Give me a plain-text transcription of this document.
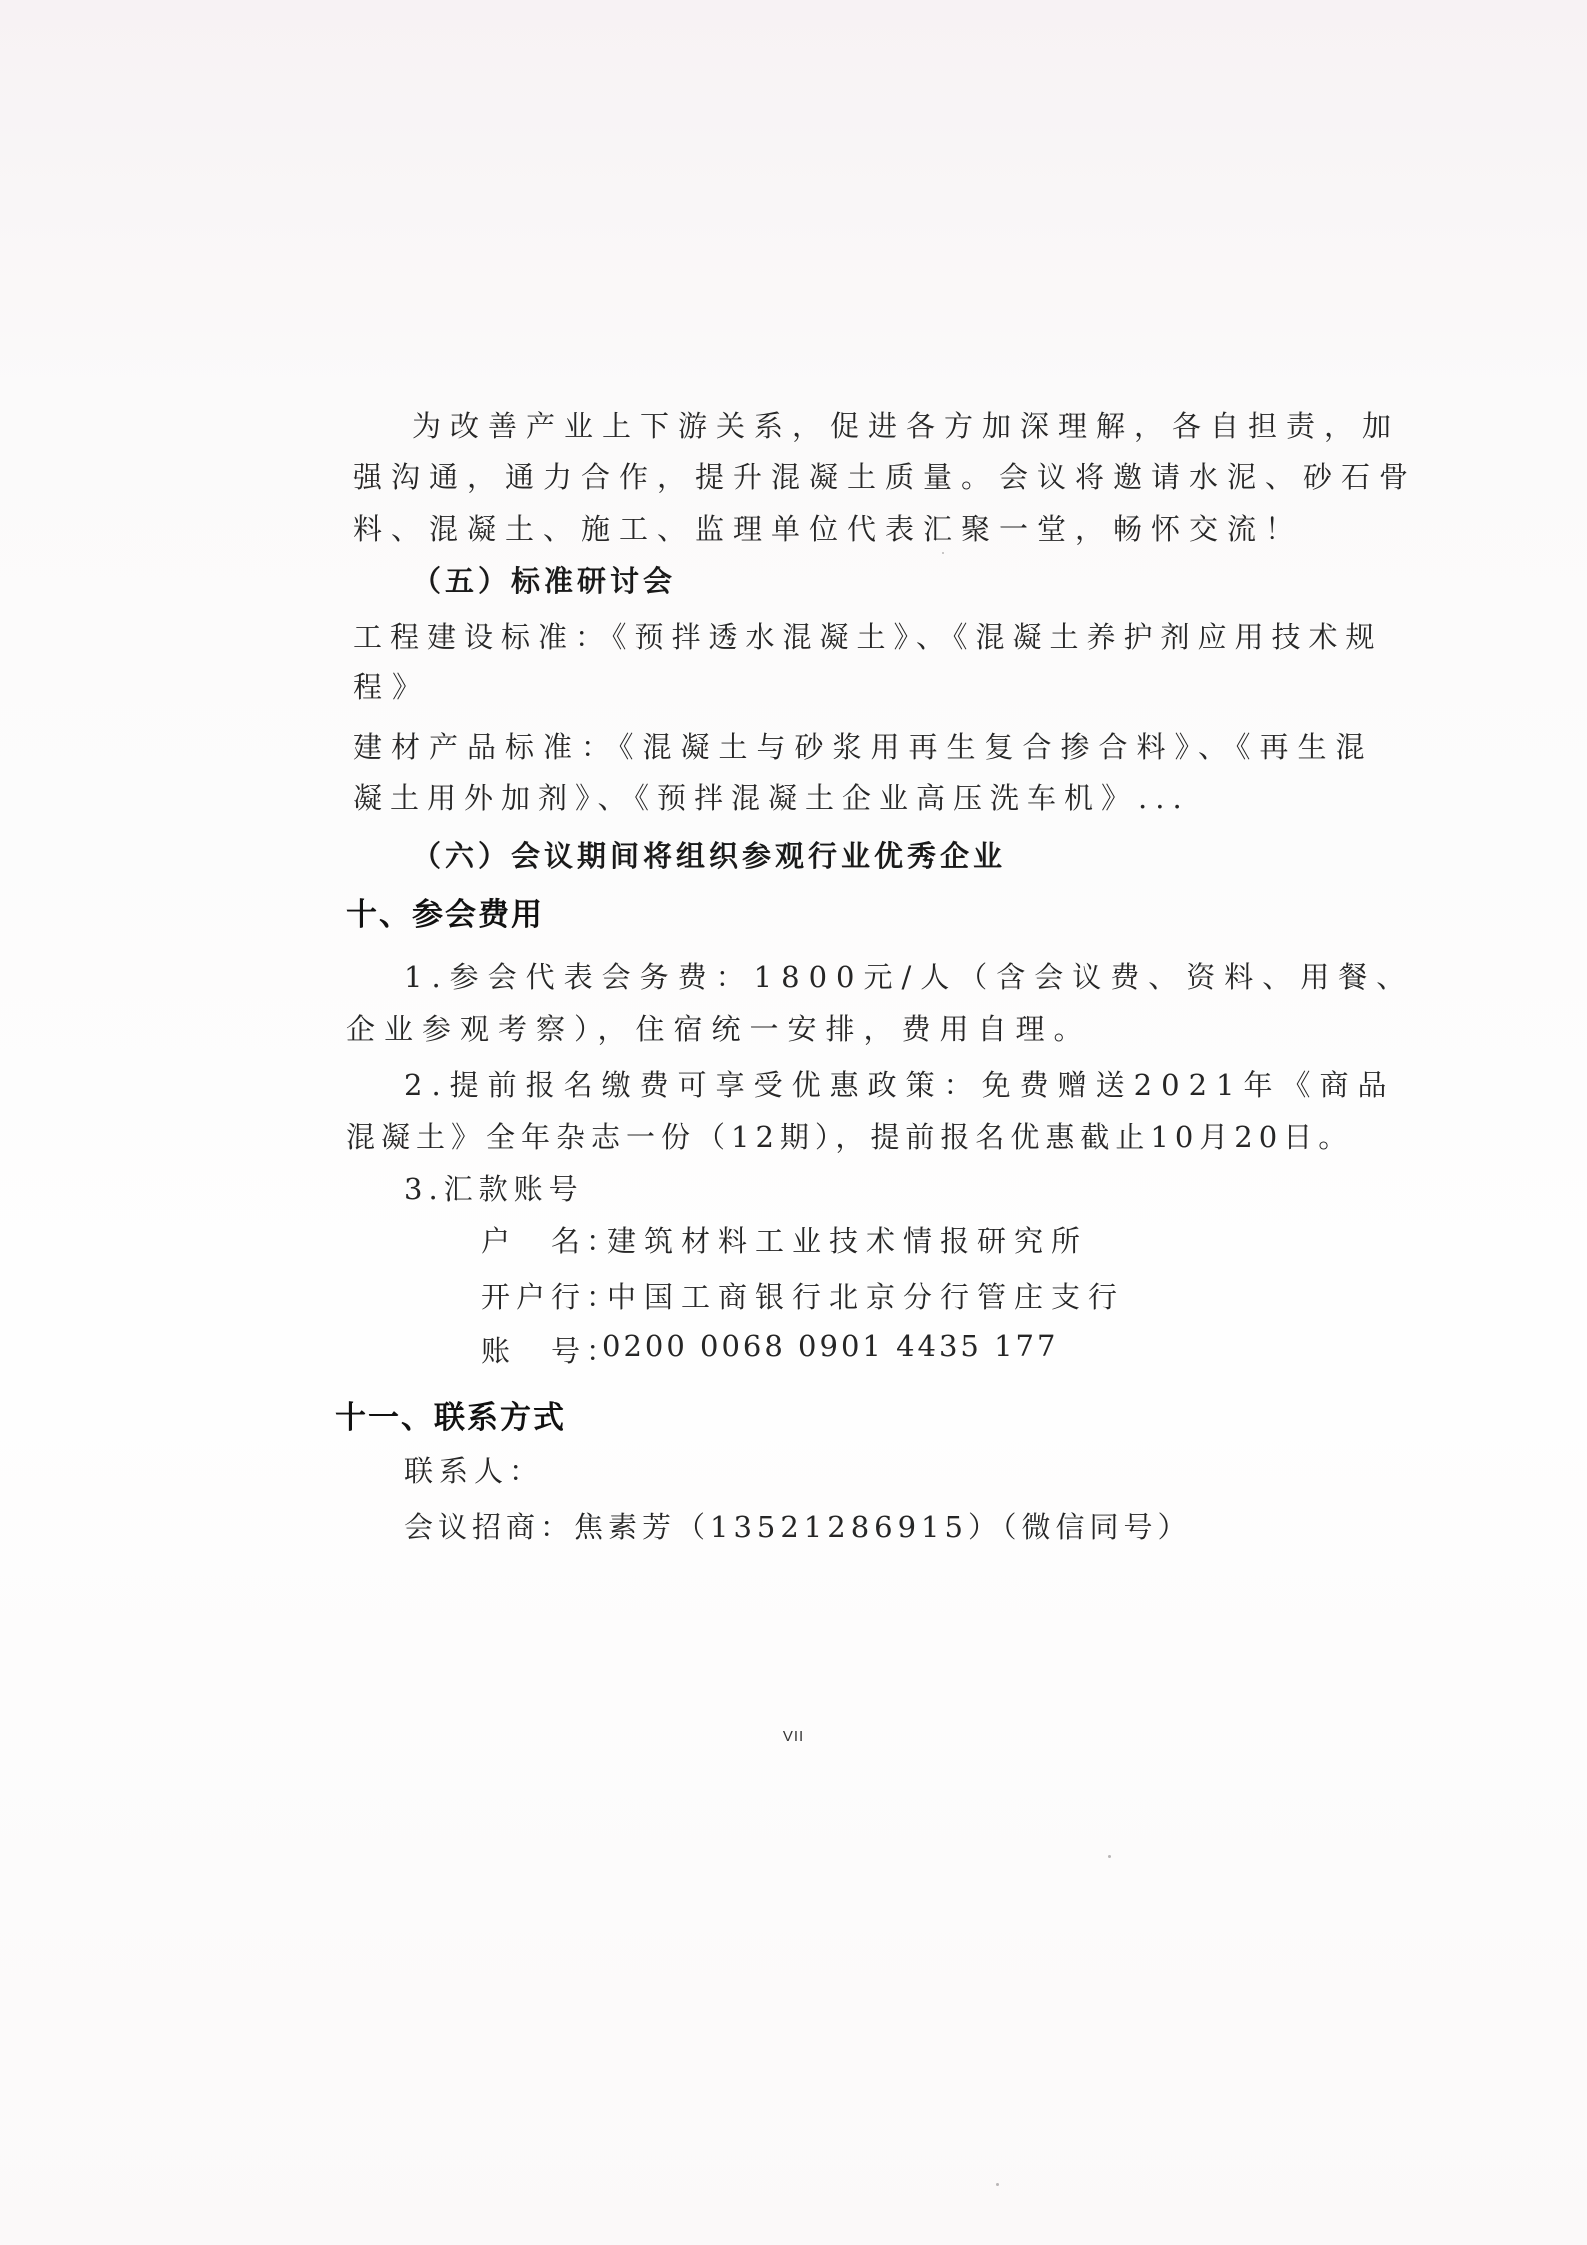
为改善产业上下游关系，促进各方加深理解，各自担责，加
强沟通，通力合作，提升混凝土质量。会议将邀请水泥、砂石骨
料、混凝土、施工、监理单位代表汇聚一堂，畅怀交流！
（五）标准研讨会
工程建设标准：《预拌透水混凝土》、《混凝土养护剂应用技术规
程》
建材产品标准：《混凝土与砂浆用再生复合掺合料》、《再生混
凝土用外加剂》、《预拌混凝土企业高压洗车机》...
（六）会议期间将组织参观行业优秀企业
十、参会费用
1.参会代表会务费：1800元/人（含会议费、资料、用餐、
企业参观考察），住宿统一安排，费用自理。
2.提前报名缴费可享受优惠政策：免费赠送2021年《商品
混凝土》全年杂志一份（12期），提前报名优惠截止10月20日。
3.汇款账号
户　名：
建筑材料工业技术情报研究所
开户行：
中国工商银行北京分行管庄支行
账　号：
0200 0068 0901 4435 177
十一、联系方式
联系人：
会议招商：焦素芳（13521286915）（微信同号）
VII
